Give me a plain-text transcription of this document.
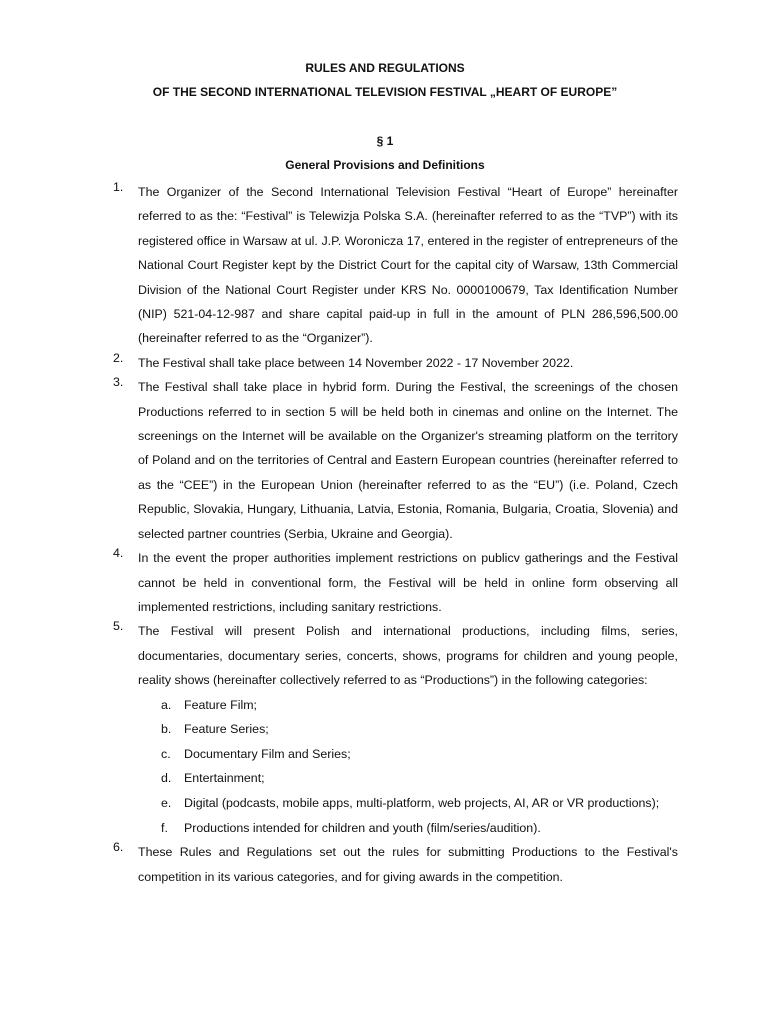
RULES AND REGULATIONS

OF THE SECOND INTERNATIONAL TELEVISION FESTIVAL „HEART OF EUROPE”

§ 1

General Provisions and Definitions

1. The Organizer of the Second International Television Festival “Heart of Europe” hereinafter referred to as the: “Festival” is Telewizja Polska S.A. (hereinafter referred to as the “TVP”) with its registered office in Warsaw at ul. J.P. Woronicza 17, entered in the register of entrepreneurs of the National Court Register kept by the District Court for the capital city of Warsaw, 13th Commercial Division of the National Court Register under KRS No. 0000100679, Tax Identification Number (NIP) 521-04-12-987 and share capital paid-up in full in the amount of PLN 286,596,500.00 (hereinafter referred to as the “Organizer”).
2. The Festival shall take place between 14 November 2022 - 17 November 2022.
3. The Festival shall take place in hybrid form. During the Festival, the screenings of the chosen Productions referred to in section 5 will be held both in cinemas and online on the Internet. The screenings on the Internet will be available on the Organizer's streaming platform on the territory of Poland and on the territories of Central and Eastern European countries (hereinafter referred to as the “CEE”) in the European Union (hereinafter referred to as the “EU”) (i.e. Poland, Czech Republic, Slovakia, Hungary, Lithuania, Latvia, Estonia, Romania, Bulgaria, Croatia, Slovenia) and selected partner countries (Serbia, Ukraine and Georgia).
4. In the event the proper authorities implement restrictions on publicv gatherings and the Festival cannot be held in conventional form, the Festival will be held in online form observing all implemented restrictions, including sanitary restrictions.
5. The Festival will present Polish and international productions, including films, series, documentaries, documentary series, concerts, shows, programs for children and young people, reality shows (hereinafter collectively referred to as “Productions”) in the following categories:
a. Feature Film;
b. Feature Series;
c. Documentary Film and Series;
d. Entertainment;
e. Digital (podcasts, mobile apps, multi-platform, web projects, AI, AR or VR productions);
f. Productions intended for children and youth (film/series/audition).
6. These Rules and Regulations set out the rules for submitting Productions to the Festival's competition in its various categories, and for giving awards in the competition.
